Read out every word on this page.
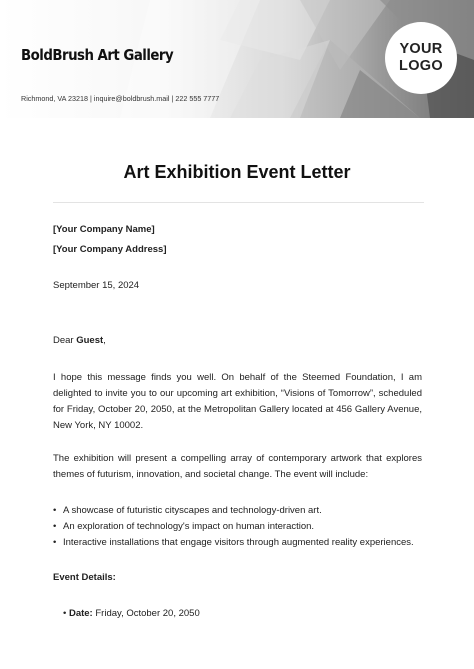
BoldBrush Art Gallery
Richmond, VA 23218 | inquire@boldbrush.mail | 222 555 7777
YOUR
LOGO
Art Exhibition Event Letter
[Your Company Name]
[Your Company Address]
September 15, 2024
Dear Guest,
I hope this message finds you well. On behalf of the Steemed Foundation, I am delighted to invite you to our upcoming art exhibition, “Visions of Tomorrow”, scheduled for Friday, October 20, 2050, at the Metropolitan Gallery located at 456 Gallery Avenue, New York, NY 10002.
The exhibition will present a compelling array of contemporary artwork that explores themes of futurism, innovation, and societal change. The event will include:
• A showcase of futuristic cityscapes and technology-driven art.
• An exploration of technology's impact on human interaction.
• Interactive installations that engage visitors through augmented reality experiences.
Event Details:
• Date: Friday, October 20, 2050
